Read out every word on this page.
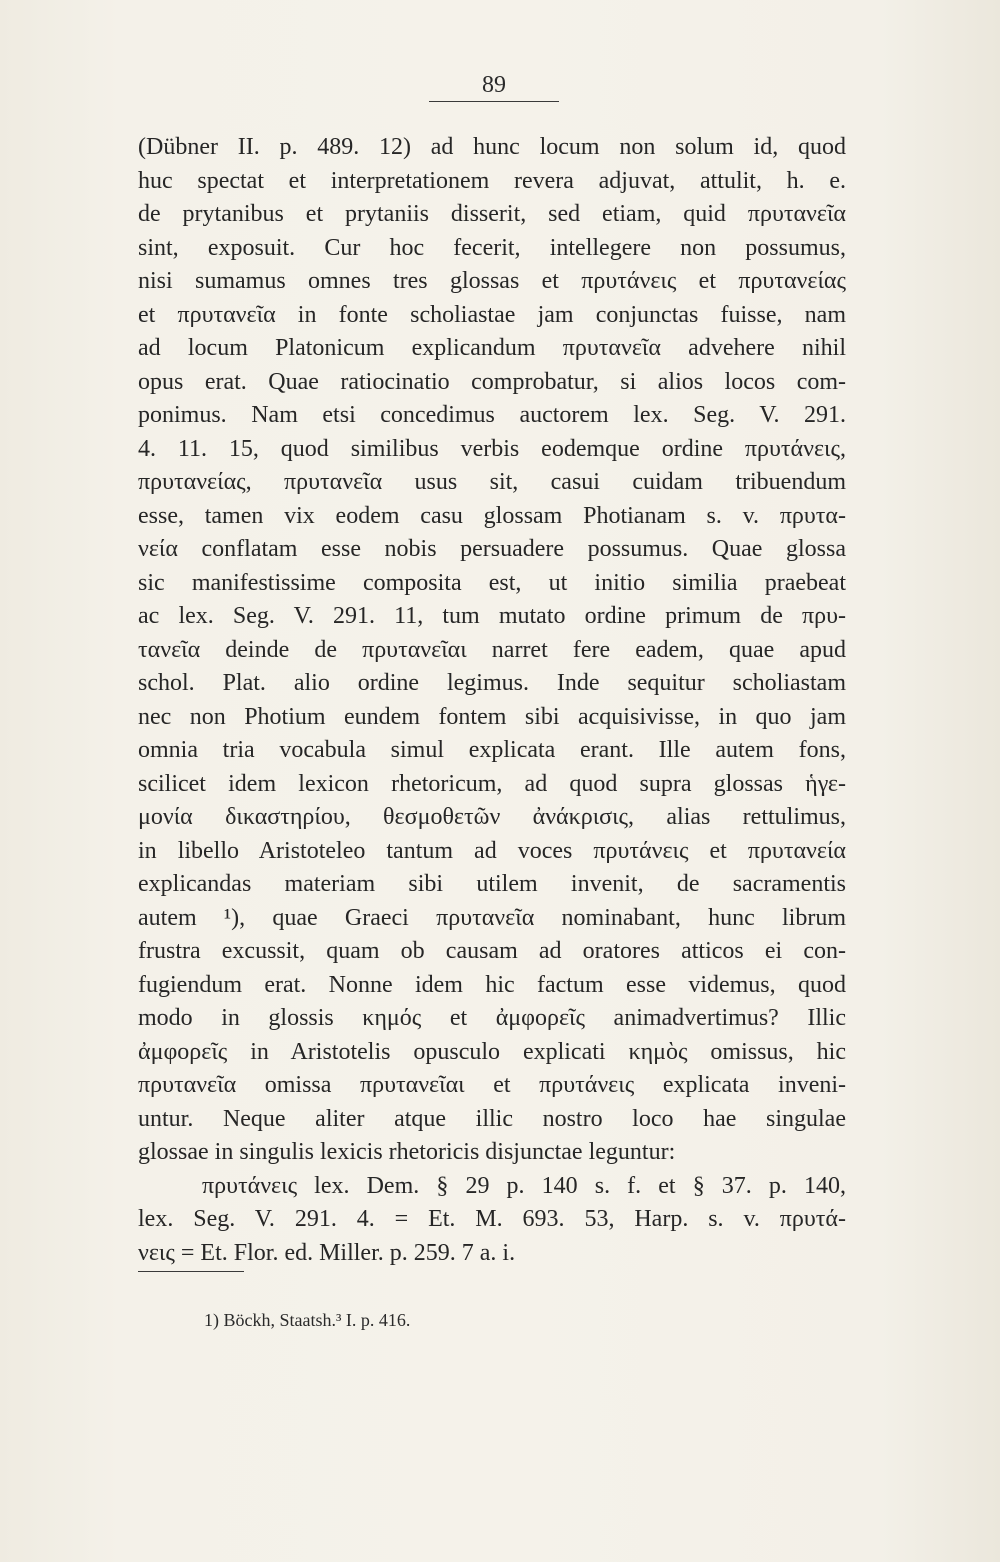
89
(Dübner II. p. 489. 12) ad hunc locum non solum id, quod
huc spectat et interpretationem revera adjuvat, attulit, h. e.
de prytanibus et prytaniis disserit, sed etiam, quid πρυτανεῖα
sint, exposuit. Cur hoc fecerit, intellegere non possumus,
nisi sumamus omnes tres glossas et πρυτάνεις et πρυτανείας
et πρυτανεῖα in fonte scholiastae jam conjunctas fuisse, nam
ad locum Platonicum explicandum πρυτανεῖα advehere nihil
opus erat. Quae ratiocinatio comprobatur, si alios locos com-
ponimus. Nam etsi concedimus auctorem lex. Seg. V. 291.
4. 11. 15, quod similibus verbis eodemque ordine πρυτάνεις,
πρυτανείας, πρυτανεῖα usus sit, casui cuidam tribuendum
esse, tamen vix eodem casu glossam Photianam s. v. πρυτα-
νεία conflatam esse nobis persuadere possumus. Quae glossa
sic manifestissime composita est, ut initio similia praebeat
ac lex. Seg. V. 291. 11, tum mutato ordine primum de πρυ-
τανεῖα deinde de πρυτανεῖαι narret fere eadem, quae apud
schol. Plat. alio ordine legimus. Inde sequitur scholiastam
nec non Photium eundem fontem sibi acquisivisse, in quo jam
omnia tria vocabula simul explicata erant. Ille autem fons,
scilicet idem lexicon rhetoricum, ad quod supra glossas ἡγε-
μονία δικαστηρίου, θεσμοθετῶν ἀνάκρισις, alias rettulimus,
in libello Aristoteleo tantum ad voces πρυτάνεις et πρυτανεία
explicandas materiam sibi utilem invenit, de sacramentis
autem ¹), quae Graeci πρυτανεῖα nominabant, hunc librum
frustra excussit, quam ob causam ad oratores atticos ei con-
fugiendum erat. Nonne idem hic factum esse videmus, quod
modo in glossis κημός et ἀμφορεῖς animadvertimus? Illic
ἀμφορεῖς in Aristotelis opusculo explicati κημὸς omissus, hic
πρυτανεῖα omissa πρυτανεῖαι et πρυτάνεις explicata inveni-
untur. Neque aliter atque illic nostro loco hae singulae
glossae in singulis lexicis rhetoricis disjunctae leguntur:
πρυτάνεις lex. Dem. § 29 p. 140 s. f. et § 37. p. 140,
lex. Seg. V. 291. 4. = Et. M. 693. 53, Harp. s. v. πρυτά-
νεις = Et. Flor. ed. Miller. p. 259. 7 a. i.
1) Böckh, Staatsh.³ I. p. 416.
